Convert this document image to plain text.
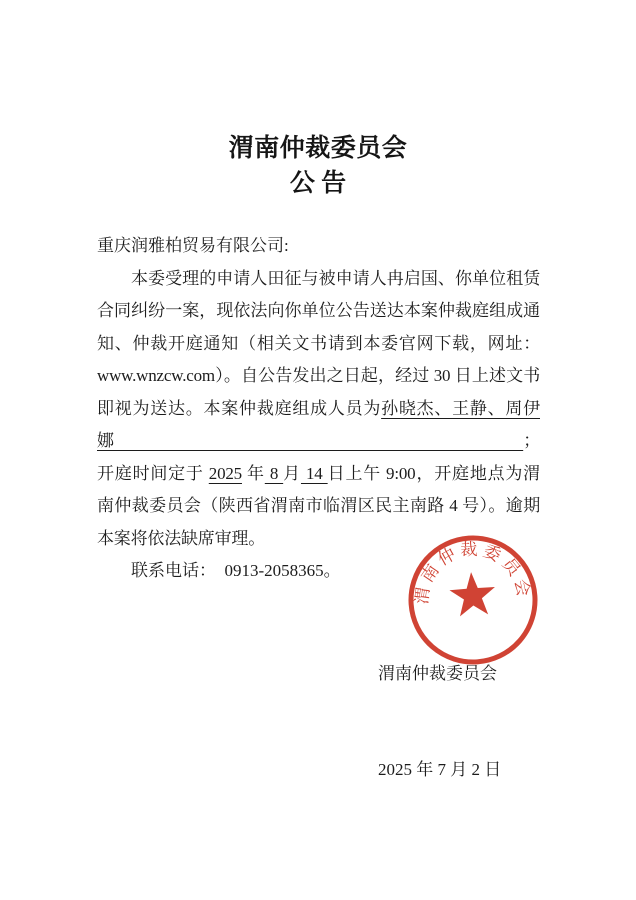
渭南仲裁委员会
公 告
重庆润雅柏贸易有限公司:
本委受理的申请人田征与被申请人冉启国、你单位租赁
合同纠纷一案，现依法向你单位公告送达本案仲裁庭组成通
知、仲裁开庭通知（相关文书请到本委官网下载，网址：
www.wnzcw.com）。自公告发出之日起，经过 30 日上述文书
即视为送达。本案仲裁庭组成人员为孙晓杰、王静、周伊娜；
开庭时间定于 2025 年 8 月 14 日上午 9:00，开庭地点为渭
南仲裁委员会（陕西省渭南市临渭区民主南路 4 号）。逾期
本案将依法缺席审理。
联系电话：  0913-2058365。

渭南仲裁委员会

2025 年 7 月 2 日

渭南仲裁委员会
